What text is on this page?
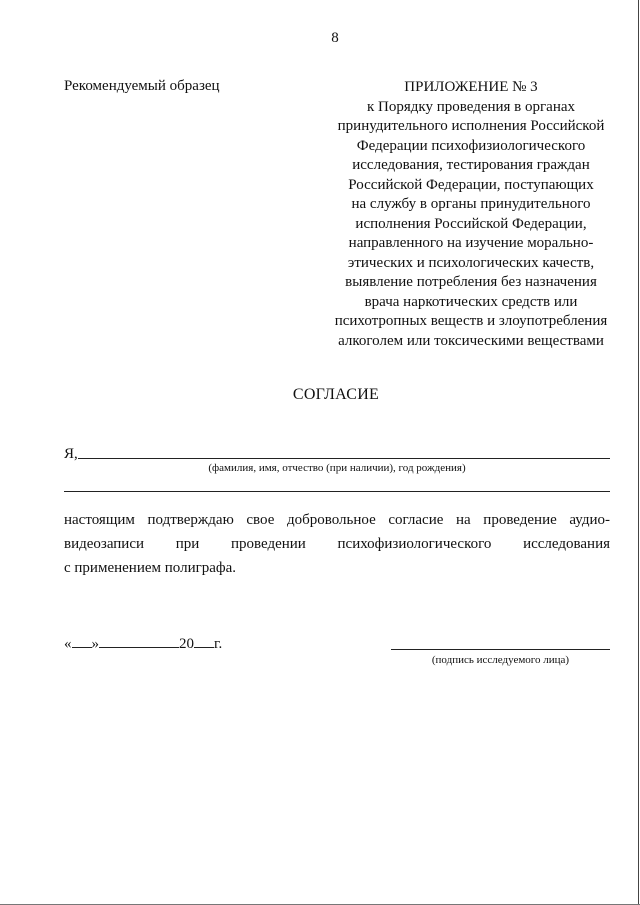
8
Рекомендуемый образец	ПРИЛОЖЕНИЕ № 3
к Порядку проведения в органах
принудительного исполнения Российской
Федерации психофизиологического
исследования, тестирования граждан
Российской Федерации, поступающих
на службу в органы принудительного
исполнения Российской Федерации,
направленного на изучение морально-
этических и психологических качеств,
выявление потребления без назначения
врача наркотических средств или
психотропных веществ и злоупотребления
алкоголем или токсическими веществами
СОГЛАСИЕ
Я,
(фамилия, имя, отчество (при наличии), год рождения)
настоящим подтверждаю свое добровольное согласие на проведение аудио-
видеозаписи при проведении психофизиологического исследования
с применением полиграфа.
« »	20 г.
(подпись исследуемого лица)
